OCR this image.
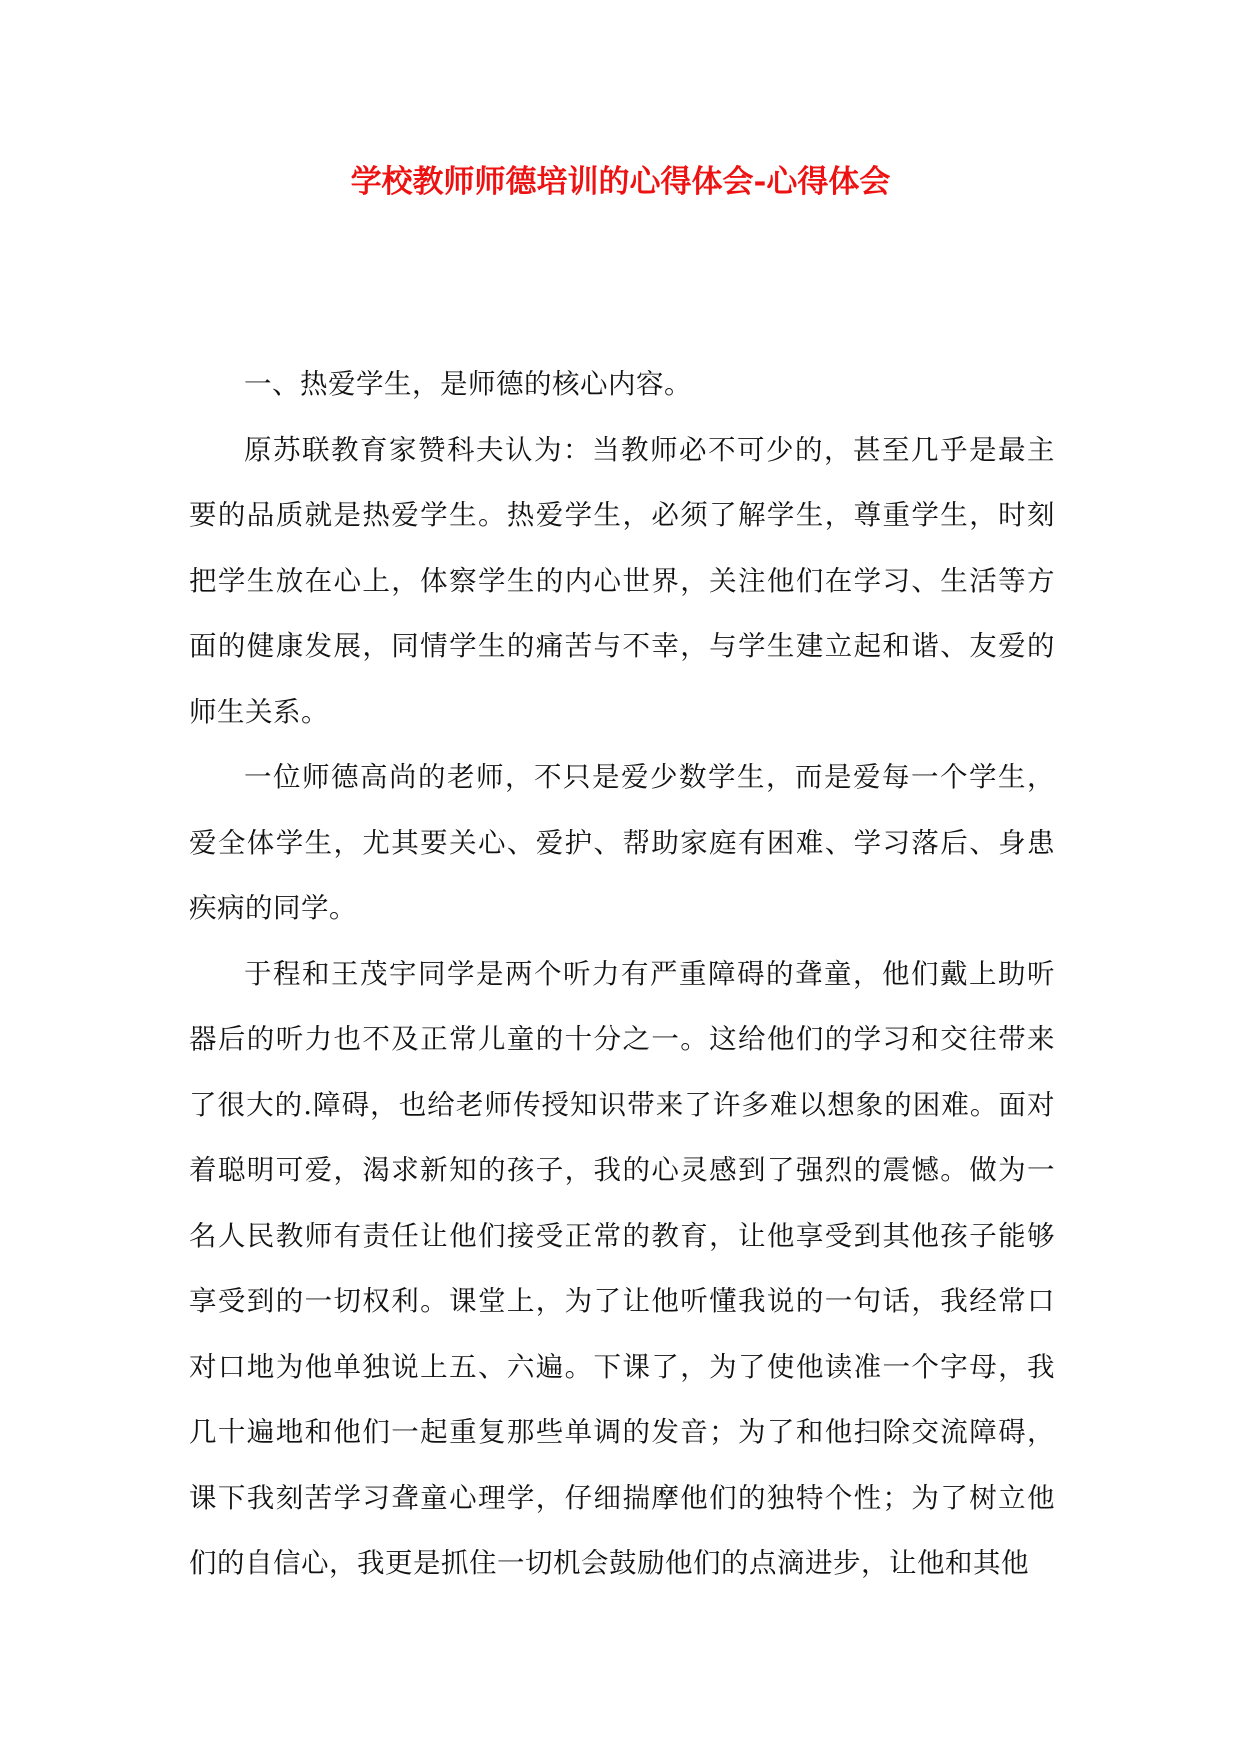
学校教师师德培训的心得体会-心得体会

一、热爱学生，是师德的核心内容。

原苏联教育家赞科夫认为：当教师必不可少的，甚至几乎是最主要的品质就是热爱学生。热爱学生，必须了解学生，尊重学生，时刻把学生放在心上，体察学生的内心世界，关注他们在学习、生活等方面的健康发展，同情学生的痛苦与不幸，与学生建立起和谐、友爱的师生关系。

一位师德高尚的老师，不只是爱少数学生，而是爱每一个学生，爱全体学生，尤其要关心、爱护、帮助家庭有困难、学习落后、身患疾病的同学。

于程和王茂宇同学是两个听力有严重障碍的聋童，他们戴上助听器后的听力也不及正常儿童的十分之一。这给他们的学习和交往带来了很大的.障碍，也给老师传授知识带来了许多难以想象的困难。面对着聪明可爱，渴求新知的孩子，我的心灵感到了强烈的震憾。做为一名人民教师有责任让他们接受正常的教育，让他享受到其他孩子能够享受到的一切权利。课堂上，为了让他听懂我说的一句话，我经常口对口地为他单独说上五、六遍。下课了，为了使他读准一个字母，我几十遍地和他们一起重复那些单调的发音；为了和他扫除交流障碍，课下我刻苦学习聋童心理学，仔细揣摩他们的独特个性；为了树立他们的自信心，我更是抓住一切机会鼓励他们的点滴进步，让他和其他
